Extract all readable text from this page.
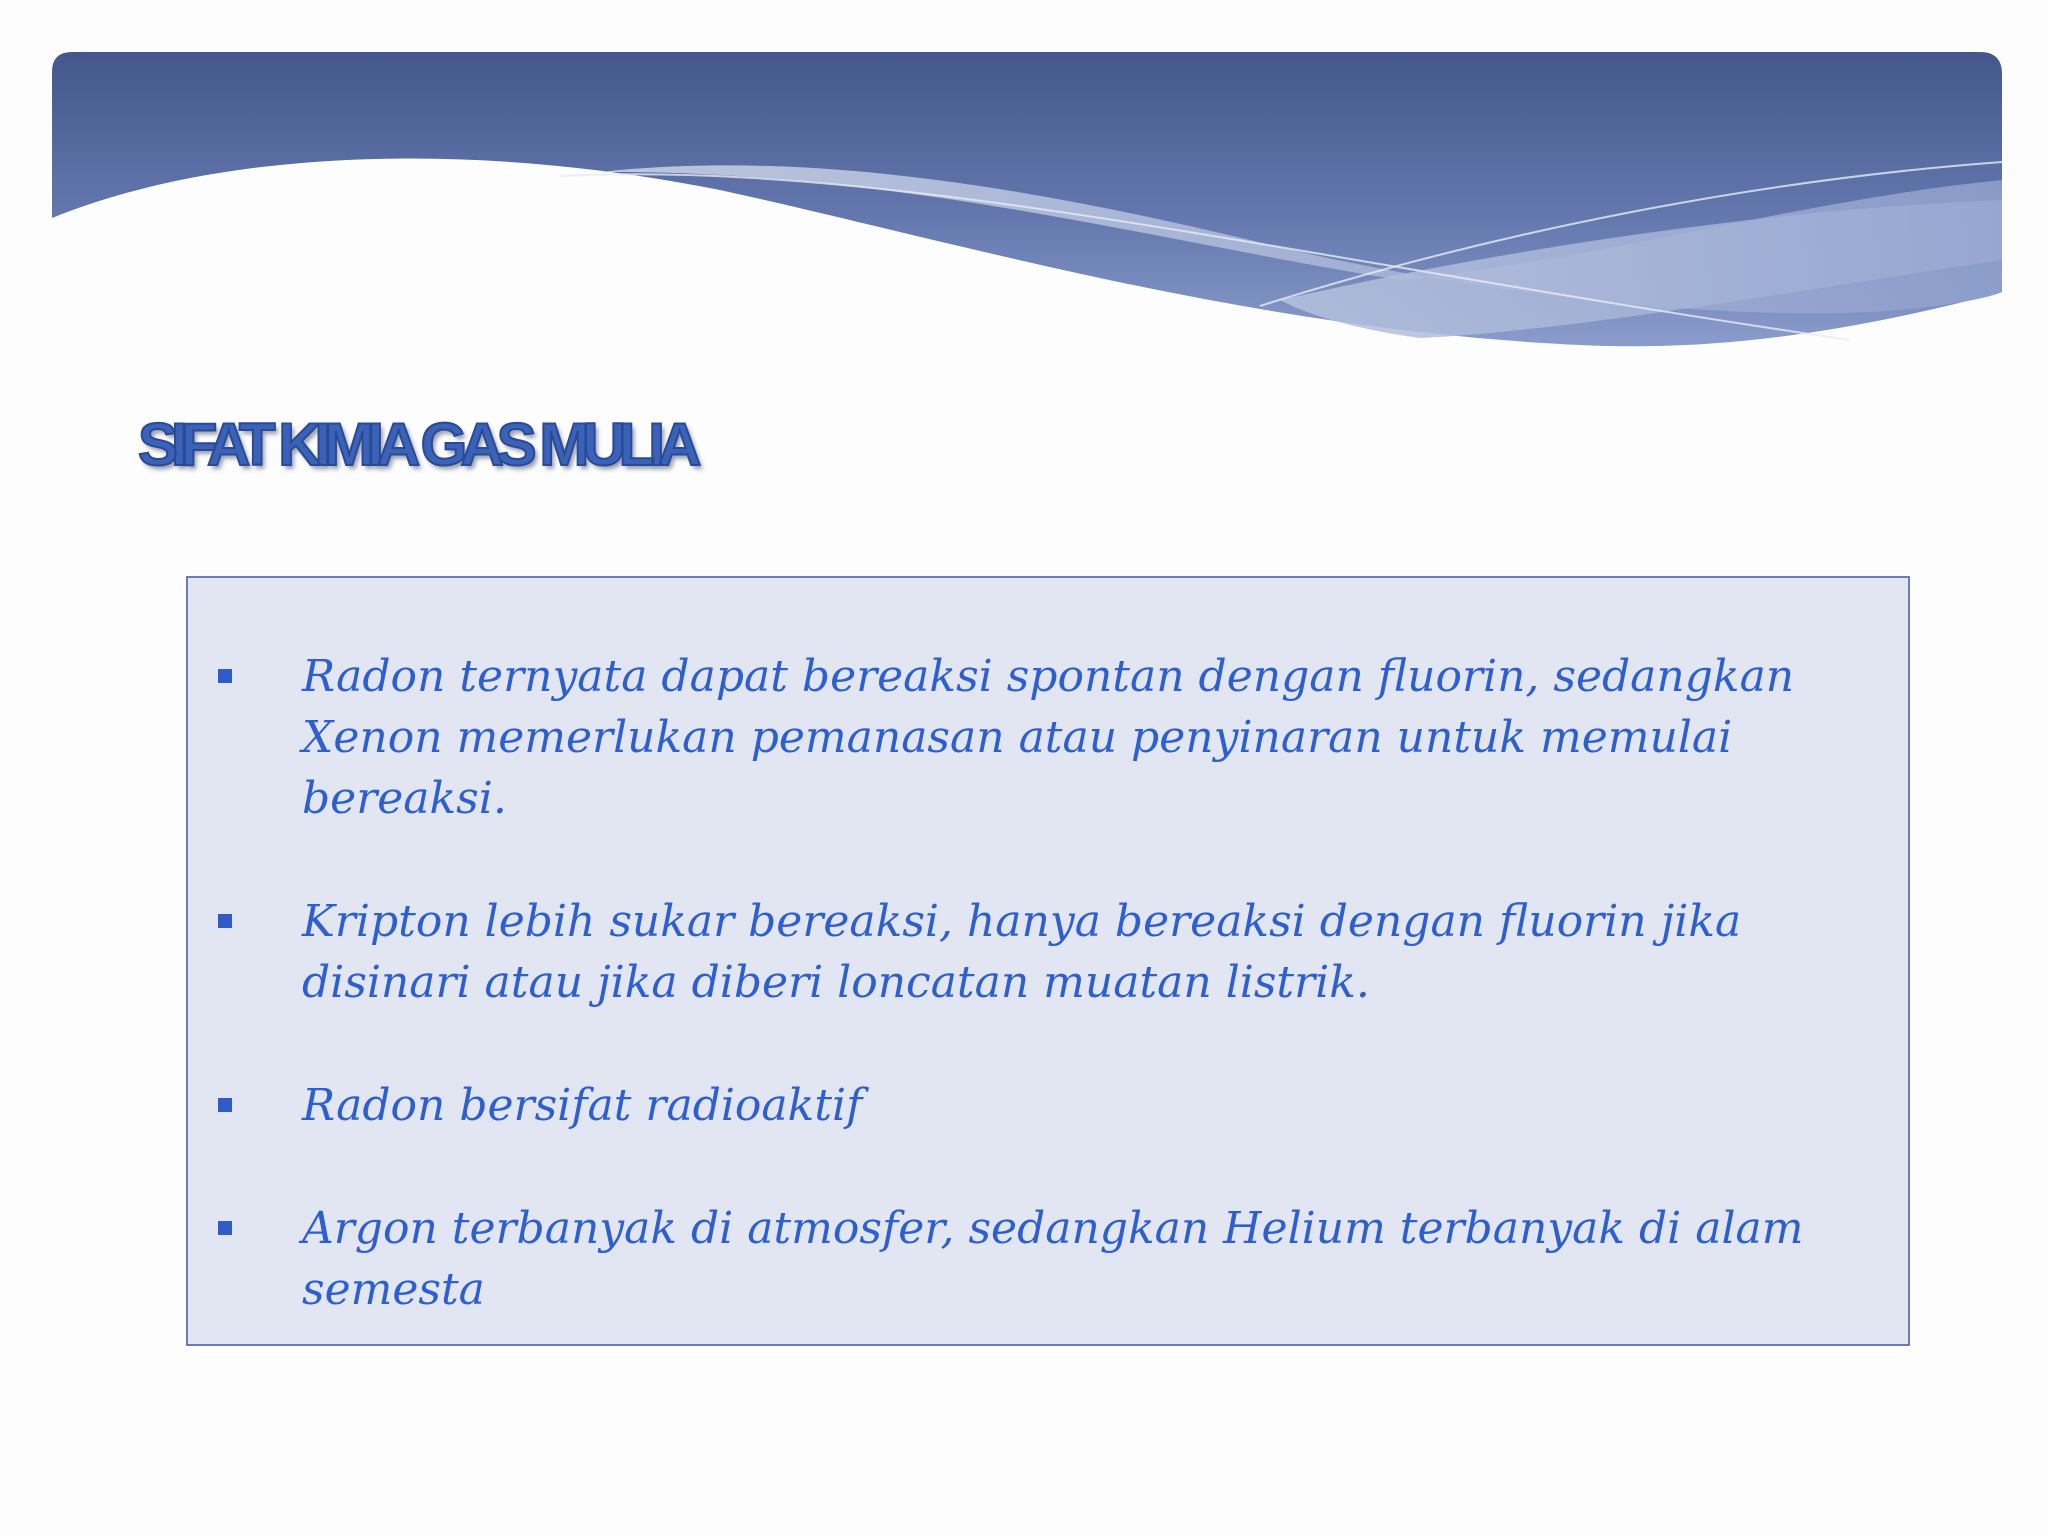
SIFAT KIMIA GAS MULIA
Radon ternyata dapat bereaksi spontan dengan fluorin, sedangkan Xenon memerlukan pemanasan atau penyinaran untuk memulai bereaksi.
Kripton lebih sukar bereaksi, hanya bereaksi dengan fluorin jika disinari atau jika diberi loncatan muatan listrik.
Radon bersifat radioaktif
Argon terbanyak di atmosfer, sedangkan Helium terbanyak di alam semesta
